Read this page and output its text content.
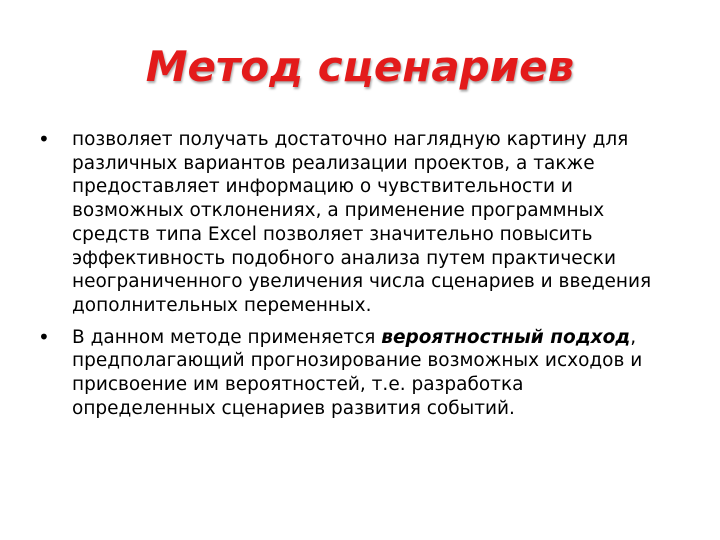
Метод сценариев
• позволяет получать достаточно наглядную картину для различных вариантов реализации проектов, а также предоставляет информацию о чувствительности и возможных отклонениях, а применение программных средств типа Excel позволяет значительно повысить эффективность подобного анализа путем практически неограниченного увеличения числа сценариев и введения дополнительных переменных.
• В данном методе применяется вероятностный подход, предполагающий прогнозирование возможных исходов и присвоение им вероятностей, т.е. разработка определенных сценариев развития событий.
